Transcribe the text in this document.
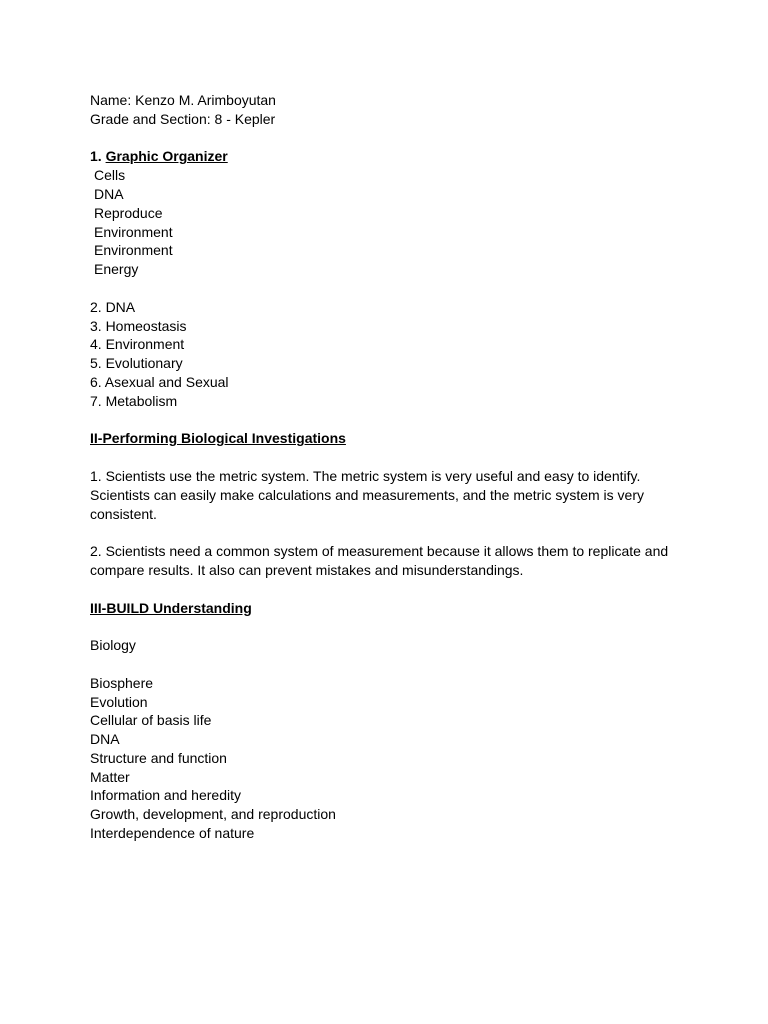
Name: Kenzo M. Arimboyutan
Grade and Section: 8 - Kepler
1. Graphic Organizer
Cells
DNA
Reproduce
Environment
Environment
Energy
2. DNA
3. Homeostasis
4. Environment
5. Evolutionary
6. Asexual and Sexual
7. Metabolism
II-Performing Biological Investigations
1. Scientists use the metric system. The metric system is very useful and easy to identify. Scientists can easily make calculations and measurements, and the metric system is very consistent.
2. Scientists need a common system of measurement because it allows them to replicate and compare results. It also can prevent mistakes and misunderstandings.
III-BUILD Understanding
Biology
Biosphere
Evolution
Cellular of basis life
DNA
Structure and function
Matter
Information and heredity
Growth, development, and reproduction
Interdependence of nature
